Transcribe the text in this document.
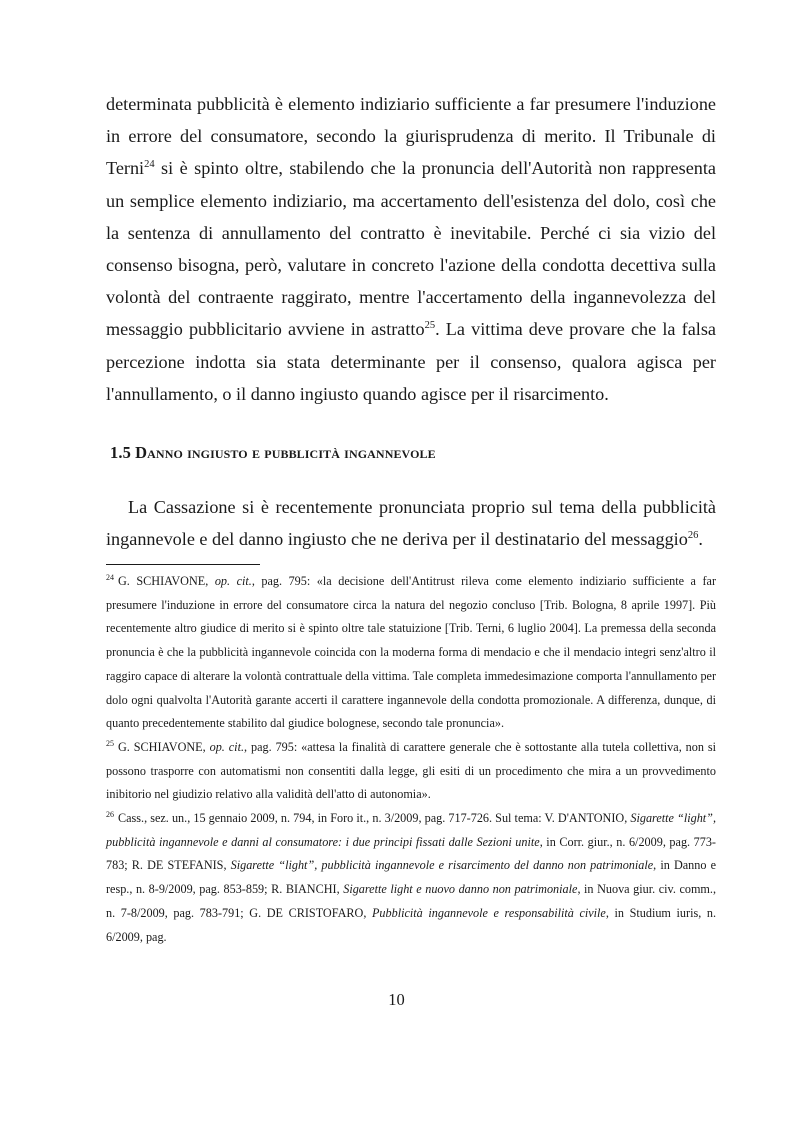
determinata pubblicità è elemento indiziario sufficiente a far presumere l'induzione in errore del consumatore, secondo la giurisprudenza di merito. Il Tribunale di Terni$^{24}$ si è spinto oltre, stabilendo che la pronuncia dell'Autorità non rappresenta un semplice elemento indiziario, ma accertamento dell'esistenza del dolo, così che la sentenza di annullamento del contratto è inevitabile. Perché ci sia vizio del consenso bisogna, però, valutare in concreto l'azione della condotta decettiva sulla volontà del contraente raggirato, mentre l'accertamento della ingannevolezza del messaggio pubblicitario avviene in astratto$^{25}$. La vittima deve provare che la falsa percezione indotta sia stata determinante per il consenso, qualora agisca per l'annullamento, o il danno ingiusto quando agisce per il risarcimento.

1.5 Danno ingiusto e pubblicità ingannevole

La Cassazione si è recentemente pronunciata proprio sul tema della pubblicità ingannevole e del danno ingiusto che ne deriva per il destinatario del messaggio$^{26}$.

$^{24}$ G. SCHIAVONE, op. cit., pag. 795: «la decisione dell'Antitrust rileva come elemento indiziario sufficiente a far presumere l'induzione in errore del consumatore circa la natura del negozio concluso [Trib. Bologna, 8 aprile 1997]. Più recentemente altro giudice di merito si è spinto oltre tale statuizione [Trib. Terni, 6 luglio 2004]. La premessa della seconda pronuncia è che la pubblicità ingannevole coincida con la moderna forma di mendacio e che il mendacio integri senz'altro il raggiro capace di alterare la volontà contrattuale della vittima. Tale completa immedesimazione comporta l'annullamento per dolo ogni qualvolta l'Autorità garante accerti il carattere ingannevole della condotta promozionale. A differenza, dunque, di quanto precedentemente stabilito dal giudice bolognese, secondo tale pronuncia».

$^{25}$ G. SCHIAVONE, op. cit., pag. 795: «attesa la finalità di carattere generale che è sottostante alla tutela collettiva, non si possono trasporre con automatismi non consentiti dalla legge, gli esiti di un procedimento che mira a un provvedimento inibitorio nel giudizio relativo alla validità dell'atto di autonomia».

$^{26}$ Cass., sez. un., 15 gennaio 2009, n. 794, in Foro it., n. 3/2009, pag. 717-726. Sul tema: V. D'ANTONIO, Sigarette “light”, pubblicità ingannevole e danni al consumatore: i due principi fissati dalle Sezioni unite, in Corr. giur., n. 6/2009, pag. 773-783; R. DE STEFANIS, Sigarette “light”, pubblicità ingannevole e risarcimento del danno non patrimoniale, in Danno e resp., n. 8-9/2009, pag. 853-859; R. BIANCHI, Sigarette light e nuovo danno non patrimoniale, in Nuova giur. civ. comm., n. 7-8/2009, pag. 783-791; G. DE CRISTOFARO, Pubblicità ingannevole e responsabilità civile, in Studium iuris, n. 6/2009, pag.

10
